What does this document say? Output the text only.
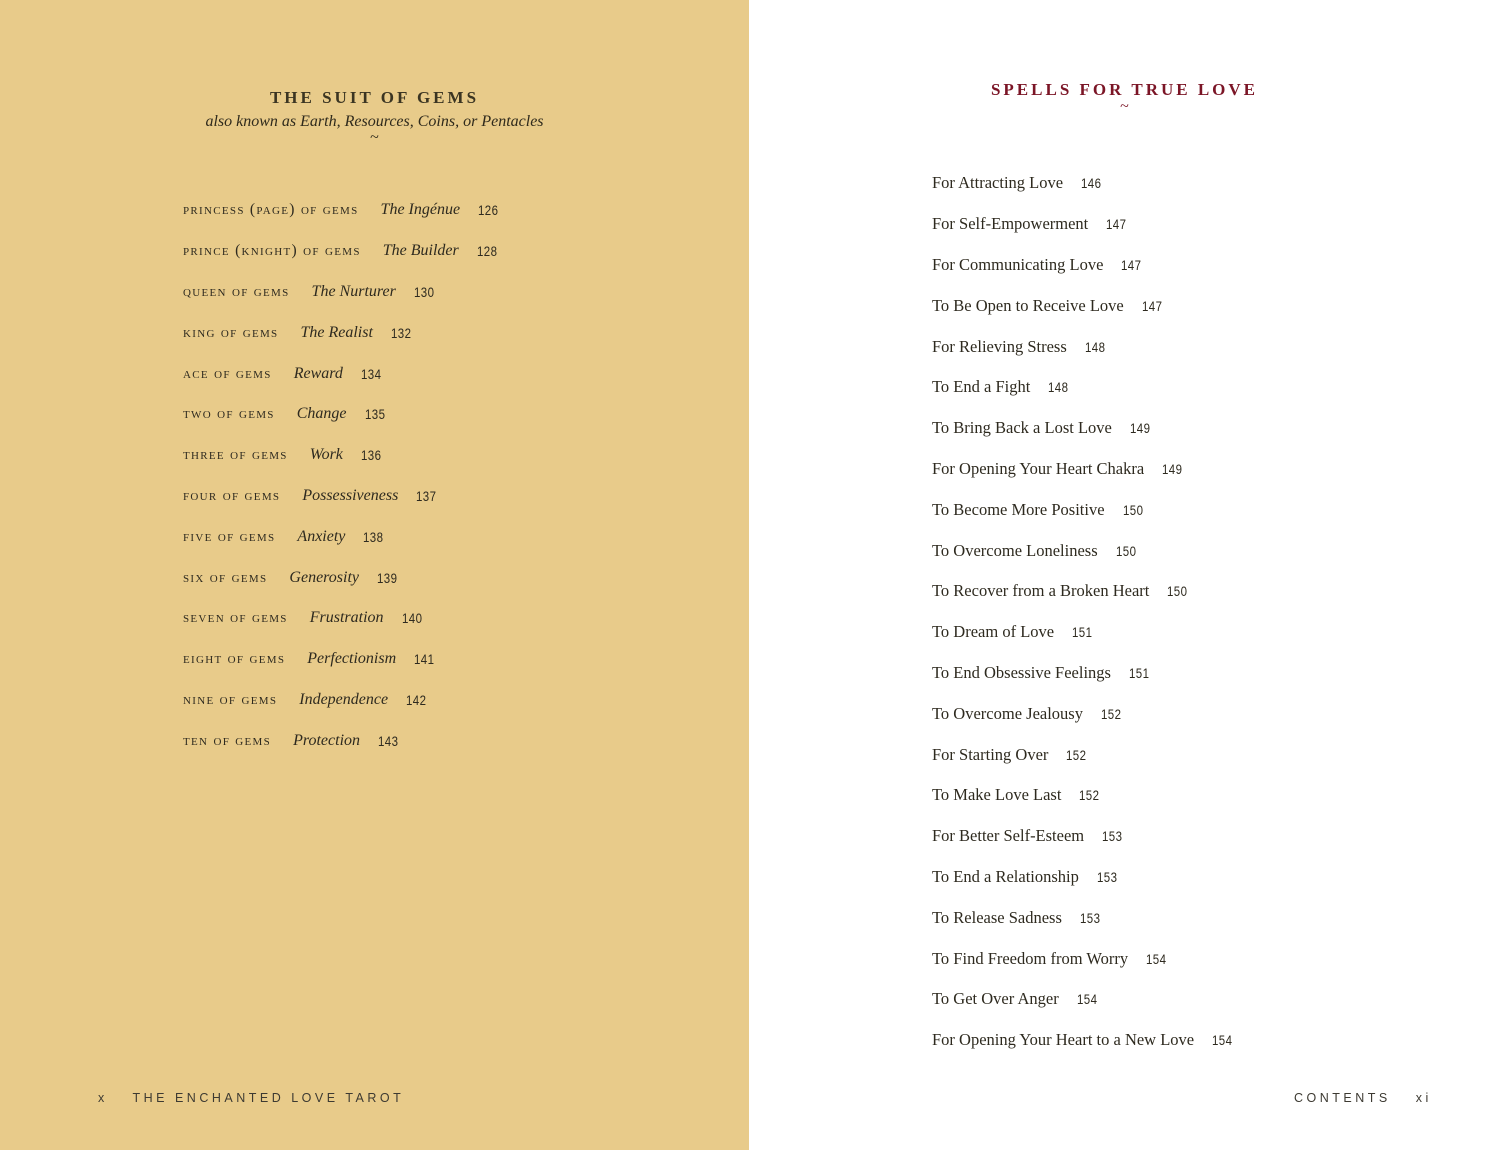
THE SUIT OF GEMS
also known as Earth, Resources, Coins, or Pentacles
~
princess (page) of gems The Ingénue 126
prince (knight) of gems The Builder 128
queen of gems The Nurturer 130
king of gems The Realist 132
ace of gems Reward 134
two of gems Change 135
three of gems Work 136
four of gems Possessiveness 137
five of gems Anxiety 138
six of gems Generosity 139
seven of gems Frustration 140
eight of gems Perfectionism 141
nine of gems Independence 142
ten of gems Protection 143
SPELLS FOR TRUE LOVE
~
For Attracting Love 146
For Self-Empowerment 147
For Communicating Love 147
To Be Open to Receive Love 147
For Relieving Stress 148
To End a Fight 148
To Bring Back a Lost Love 149
For Opening Your Heart Chakra 149
To Become More Positive 150
To Overcome Loneliness 150
To Recover from a Broken Heart 150
To Dream of Love 151
To End Obsessive Feelings 151
To Overcome Jealousy 152
For Starting Over 152
To Make Love Last 152
For Better Self-Esteem 153
To End a Relationship 153
To Release Sadness 153
To Find Freedom from Worry 154
To Get Over Anger 154
For Opening Your Heart to a New Love 154
x THE ENCHANTED LOVE TAROT	CONTENTS xi
